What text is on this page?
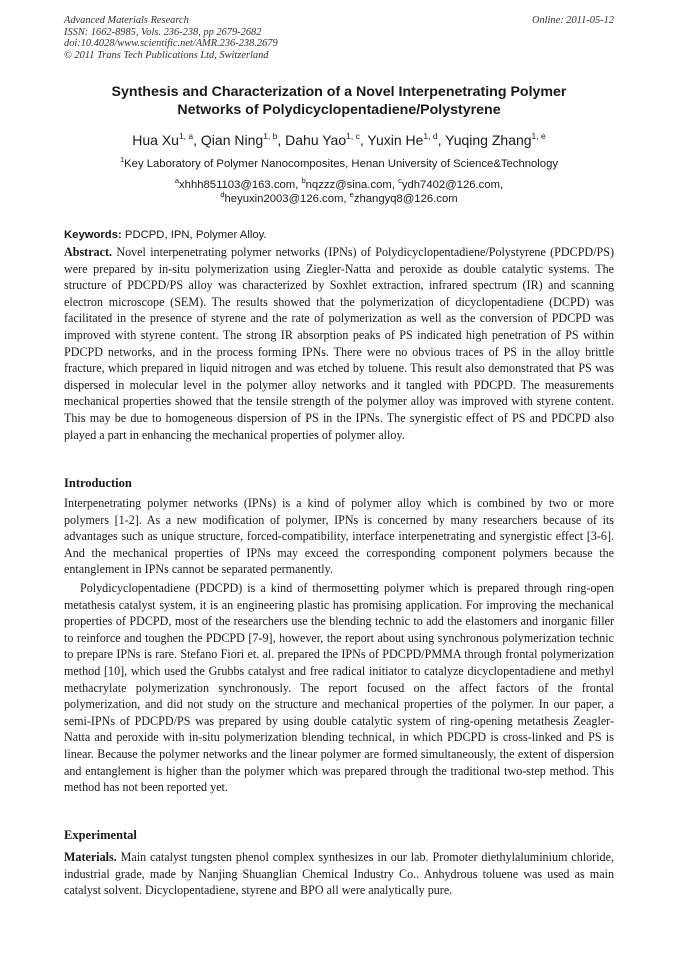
Advanced Materials Research
ISSN: 1662-8985, Vols. 236-238, pp 2679-2682
doi:10.4028/www.scientific.net/AMR.236-238.2679
© 2011 Trans Tech Publications Ltd, Switzerland
Online: 2011-05-12
Synthesis and Characterization of a Novel Interpenetrating Polymer
Networks of Polydicyclopentadiene/Polystyrene
Hua Xu$^{1, a}$, Qian Ning$^{1, b}$, Dahu Yao$^{1, c}$, Yuxin He$^{1, d}$, Yuqing Zhang$^{1, e}$
$^1$Key Laboratory of Polymer Nanocomposites, Henan University of Science&Technology
$^a$xhhh851103@163.com, $^b$nqzzz@sina.com, $^c$ydh7402@126.com,
$^d$heyuxin2003@126.com, $^e$zhangyq8@126.com
Keywords: PDCPD, IPN, Polymer Alloy.
Abstract. Novel interpenetrating polymer networks (IPNs) of Polydicyclopentadiene/Polystyrene (PDCPD/PS) were prepared by in-situ polymerization using Ziegler-Natta and peroxide as double catalytic systems. The structure of PDCPD/PS alloy was characterized by Soxhlet extraction, infrared spectrum (IR) and scanning electron microscope (SEM). The results showed that the polymerization of dicyclopentadiene (DCPD) was facilitated in the presence of styrene and the rate of polymerization as well as the conversion of PDCPD was improved with styrene content. The strong IR absorption peaks of PS indicated high penetration of PS within PDCPD networks, and in the process forming IPNs. There were no obvious traces of PS in the alloy brittle fracture, which prepared in liquid nitrogen and was etched by toluene. This result also demonstrated that PS was dispersed in molecular level in the polymer alloy networks and it tangled with PDCPD. The measurements mechanical properties showed that the tensile strength of the polymer alloy was improved with styrene content. This may be due to homogeneous dispersion of PS in the IPNs. The synergistic effect of PS and PDCPD also played a part in enhancing the mechanical properties of polymer alloy.
Introduction
Interpenetrating polymer networks (IPNs) is a kind of polymer alloy which is combined by two or more polymers [1-2]. As a new modification of polymer, IPNs is concerned by many researchers because of its advantages such as unique structure, forced-compatibility, interface interpenetrating and synergistic effect [3-6]. And the mechanical properties of IPNs may exceed the corresponding component polymers because the entanglement in IPNs cannot be separated permanently.
Polydicyclopentadiene (PDCPD) is a kind of thermosetting polymer which is prepared through ring-open metathesis catalyst system, it is an engineering plastic has promising application. For improving the mechanical properties of PDCPD, most of the researchers use the blending technic to add the elastomers and inorganic filler to reinforce and toughen the PDCPD [7-9], however, the report about using synchronous polymerization technic to prepare IPNs is rare. Stefano Fiori et. al. prepared the IPNs of PDCPD/PMMA through frontal polymerization method [10], which used the Grubbs catalyst and free radical initiator to catalyze dicyclopentadiene and methyl methacrylate polymerization synchronously. The report focused on the affect factors of the frontal polymerization, and did not study on the structure and mechanical properties of the polymer. In our paper, a semi-IPNs of PDCPD/PS was prepared by using double catalytic system of ring-opening metathesis Zeagler-Natta and peroxide with in-situ polymerization blending technical, in which PDCPD is cross-linked and PS is linear. Because the polymer networks and the linear polymer are formed simultaneously, the extent of dispersion and entanglement is higher than the polymer which was prepared through the traditional two-step method. This method has not been reported yet.
Experimental
Materials. Main catalyst tungsten phenol complex synthesizes in our lab. Promoter diethylaluminium chloride, industrial grade, made by Nanjing Shuanglian Chemical Industry Co.. Anhydrous toluene was used as main catalyst solvent. Dicyclopentadiene, styrene and BPO all were analytically pure.
